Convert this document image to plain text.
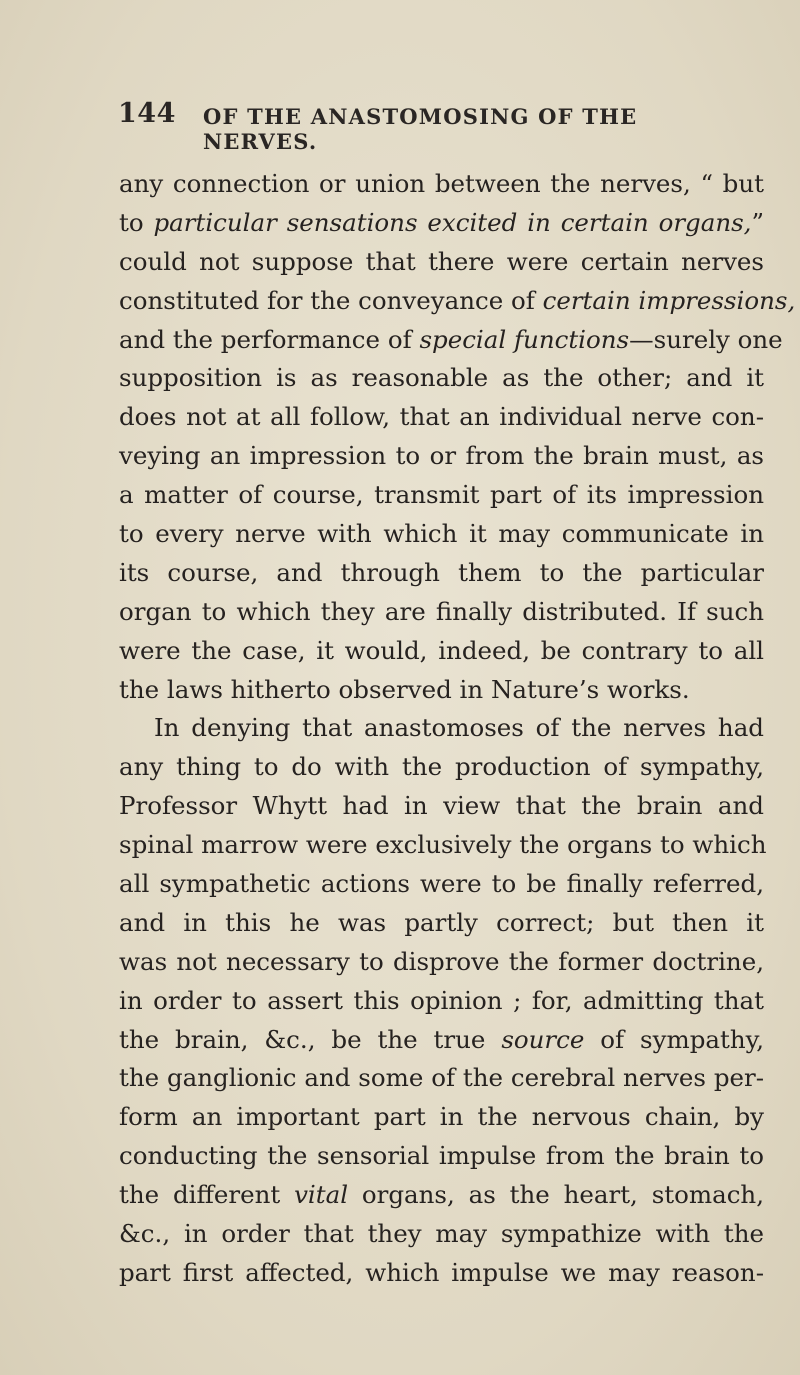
144 OF THE ANASTOMOSING OF THE NERVES.
any connection or union between the nerves, “ but
to particular sensations excited in certain organs,”
could not suppose that there were certain nerves
constituted for the conveyance of certain impressions,
and the performance of special functions—surely one
supposition is as reasonable as the other; and it
does not at all follow, that an individual nerve con-
veying an impression to or from the brain must, as
a matter of course, transmit part of its impression
to every nerve with which it may communicate in
its course, and through them to the particular
organ to which they are finally distributed. If such
were the case, it would, indeed, be contrary to all
the laws hitherto observed in Nature’s works.
In denying that anastomoses of the nerves had
any thing to do with the production of sympathy,
Professor Whytt had in view that the brain and
spinal marrow were exclusively the organs to which
all sympathetic actions were to be finally referred,
and in this he was partly correct; but then it
was not necessary to disprove the former doctrine,
in order to assert this opinion ; for, admitting that
the brain, &c., be the true source of sympathy,
the ganglionic and some of the cerebral nerves per-
form an important part in the nervous chain, by
conducting the sensorial impulse from the brain to
the different vital organs, as the heart, stomach,
&c., in order that they may sympathize with the
part first affected, which impulse we may reason‑
